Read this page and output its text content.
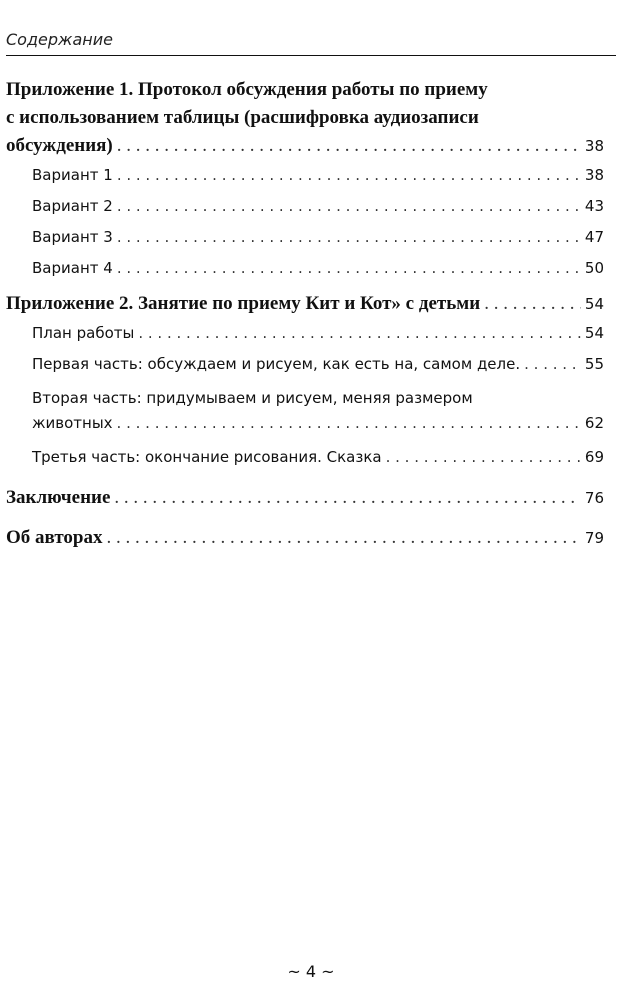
Содержание
Приложение 1. Протокол обсуждения работы по приему
с использованием таблицы (расшифровка аудиозаписи
обсуждения) . . .	38
Вариант 1 . . .	38
Вариант 2 . . .	43
Вариант 3 . . .	47
Вариант 4 . . .	50
Приложение 2. Занятие по приему Кит и Кот» с детьми . . .	54
План работы . . .	54
Первая часть: обсуждаем и рисуем, как есть на, самом деле. . . .	55
Вторая часть: придумываем и рисуем, меняя размером
животных . . .	62
Третья часть: окончание рисования. Сказка . . .	69
Заключение . . .	76
Об авторах . . .	79
~ 4 ~
